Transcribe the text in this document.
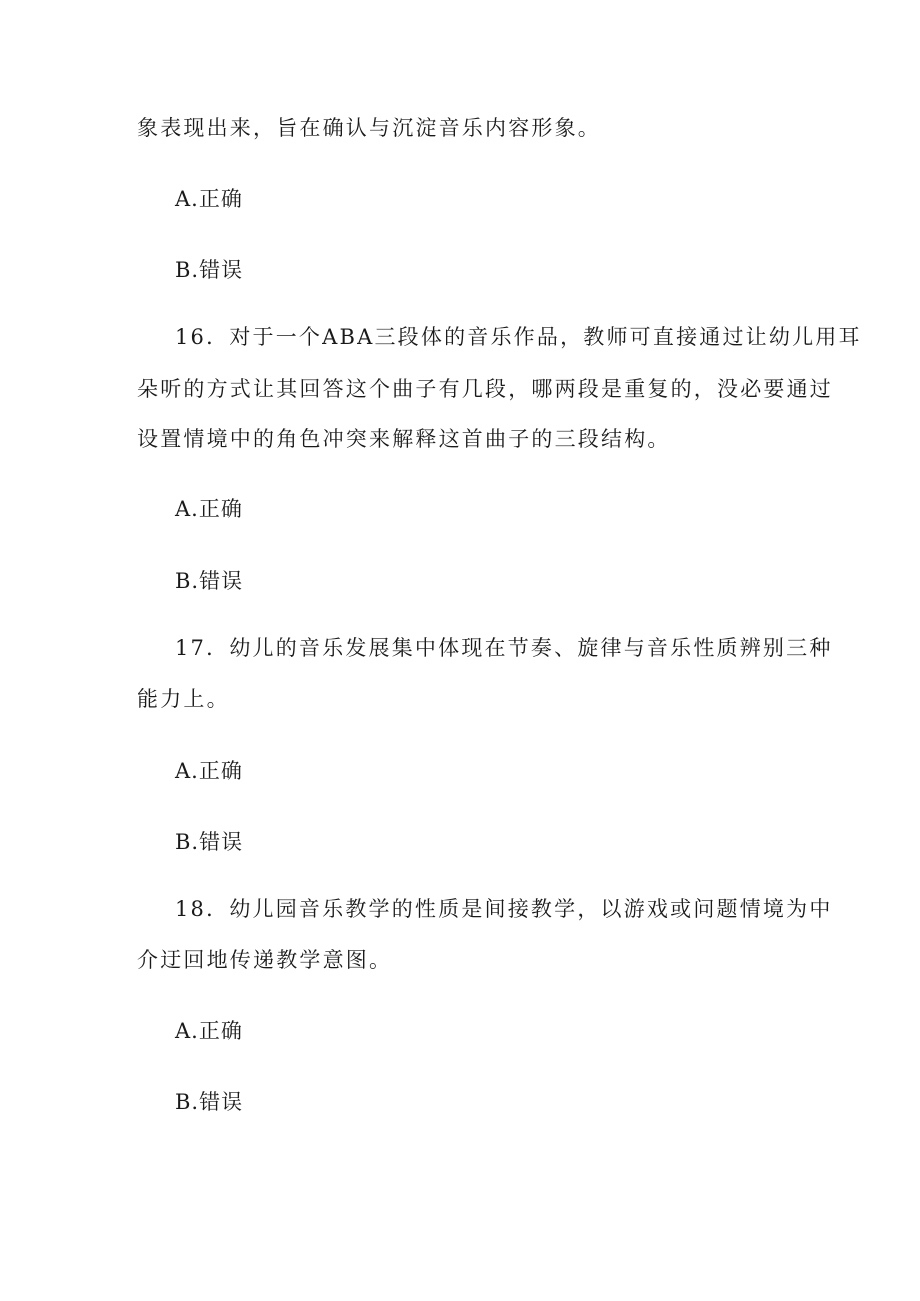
象表现出来，旨在确认与沉淀音乐内容形象。
A.正确
B.错误
16．对于一个ABA三段体的音乐作品，教师可直接通过让幼儿用耳
朵听的方式让其回答这个曲子有几段，哪两段是重复的，没必要通过
设置情境中的角色冲突来解释这首曲子的三段结构。
A.正确
B.错误
17．幼儿的音乐发展集中体现在节奏、旋律与音乐性质辨别三种
能力上。
A.正确
B.错误
18．幼儿园音乐教学的性质是间接教学，以游戏或问题情境为中
介迂回地传递教学意图。
A.正确
B.错误
